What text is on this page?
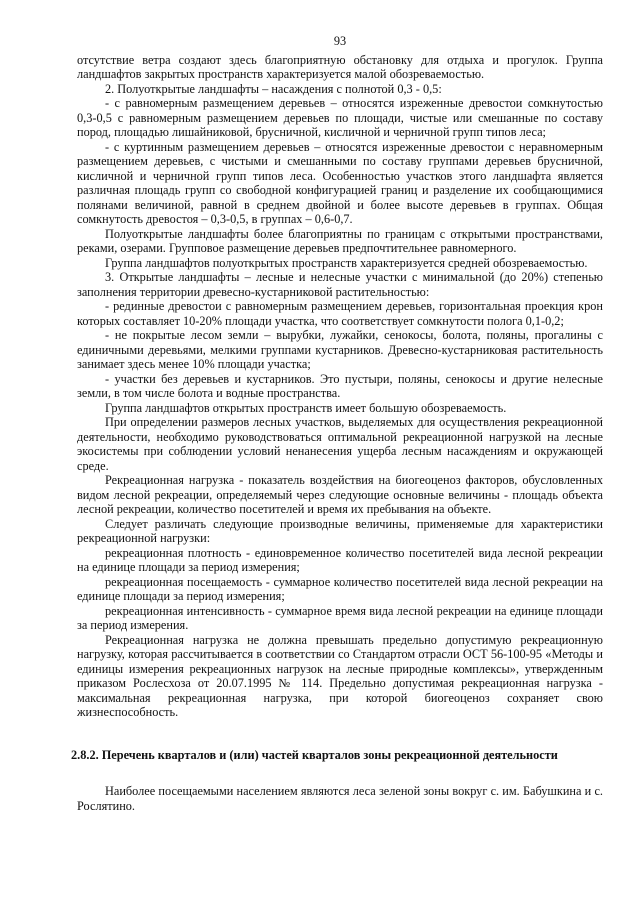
93

отсутствие ветра создают здесь благоприятную обстановку для отдыха и прогулок. Группа ландшафтов закрытых пространств характеризуется малой обозреваемостью.

2. Полуоткрытые ландшафты – насаждения с полнотой 0,3 - 0,5:

- с равномерным размещением деревьев – относятся изреженные древостои сомкнутостью 0,3-0,5 с равномерным размещением деревьев по площади, чистые или смешанные по составу пород, площадью лишайниковой, брусничной, кисличной и черничной групп типов леса;

- с куртинным размещением деревьев – относятся изреженные древостои с неравномерным размещением деревьев, с чистыми и смешанными по составу группами деревьев брусничной, кисличной и черничной групп типов леса. Особенностью участков этого ландшафта является различная площадь групп со свободной конфигурацией границ и разделение их сообщающимися полянами величиной, равной в среднем двойной и более высоте деревьев в группах. Общая сомкнутость древостоя – 0,3-0,5, в группах – 0,6-0,7.

Полуоткрытые ландшафты более благоприятны по границам с открытыми пространствами, реками, озерами. Групповое размещение деревьев предпочтительнее равномерного.

Группа ландшафтов полуоткрытых пространств характеризуется средней обозреваемостью.

3. Открытые ландшафты – лесные и нелесные участки с минимальной (до 20%) степенью заполнения территории древесно-кустарниковой растительностью:

- рединные древостои с равномерным размещением деревьев, горизонтальная проекция крон которых составляет 10-20% площади участка, что соответствует сомкнутости полога 0,1-0,2;

- не покрытые лесом земли – вырубки, лужайки, сенокосы, болота, поляны, прогалины с единичными деревьями, мелкими группами кустарников. Древесно-кустарниковая растительность занимает здесь менее 10% площади участка;

- участки без деревьев и кустарников. Это пустыри, поляны, сенокосы и другие нелесные земли, в том числе болота и водные пространства.

Группа ландшафтов открытых пространств имеет большую обозреваемость.

При определении размеров лесных участков, выделяемых для осуществления рекреационной деятельности, необходимо руководствоваться оптимальной рекреационной нагрузкой на лесные экосистемы при соблюдении условий ненанесения ущерба лесным насаждениям и окружающей среде.

Рекреационная нагрузка - показатель воздействия на биогеоценоз факторов, обусловленных видом лесной рекреации, определяемый через следующие основные величины - площадь объекта лесной рекреации, количество посетителей и время их пребывания на объекте.

Следует различать следующие производные величины, применяемые для характеристики рекреационной нагрузки:

рекреационная плотность - единовременное количество посетителей вида лесной рекреации на единице площади за период измерения;

рекреационная посещаемость - суммарное количество посетителей вида лесной рекреации на единице площади за период измерения;

рекреационная интенсивность - суммарное время вида лесной рекреации на единице площади за период измерения.

Рекреационная нагрузка не должна превышать предельно допустимую рекреационную нагрузку, которая рассчитывается в соответствии со Стандартом отрасли ОСТ 56-100-95 «Методы и единицы измерения рекреационных нагрузок на лесные природные комплексы», утвержденным приказом Рослесхоза от 20.07.1995 № 114. Предельно допустимая рекреационная нагрузка - максимальная рекреационная нагрузка, при которой биогеоценоз сохраняет свою жизнеспособность.

2.8.2. Перечень кварталов и (или) частей кварталов зоны рекреационной деятельности

Наиболее посещаемыми населением являются леса зеленой зоны вокруг с. им. Бабушкина и с. Рослятино.
